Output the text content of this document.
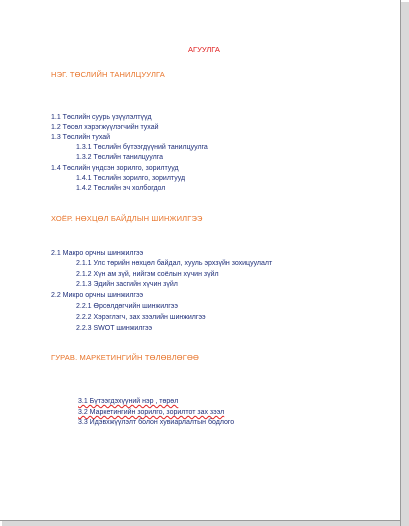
АГУУЛГА
НЭГ. ТӨСЛИЙН ТАНИЛЦУУЛГА
1.1 Төслийн суурь үзүүлэлтүүд
1.2 Төсөл хэрэгжүүлэгчийн тухай
1.3 Төслийн тухай
1.3.1 Төслийн бүтээгдүүний танилцуулга
1.3.2 Төслийн танилцуулга
1.4 Төслийн үндсэн зорилго, зорилтууд
1.4.1 Төслийн зорилго, зорилтууд
1.4.2 Төслийн эч холбогдол
ХОЁР. НӨХЦӨЛ БАЙДЛЫН ШИНЖИЛГЭЭ
2.1 Макро орчны шинжилгээ
2.1.1 Улс төрийн нөхцөл байдал, хууль эрхзүйн зохицуулалт
2.1.2 Хүн ам зүй, нийгэм соёлын хүчин зүйл
2.1.3 Эдийн засгийн хүчин зүйл
2.2 Микро орчны шинжилгээ
2.2.1 Өрсөлдөгчийн шинжилгээ
2.2.2 Хэрэглэгч, зах зээлийн шинжилгээ
2.2.3 SWOT шинжилгээ
ГУРАВ. МАРКЕТИНГИЙН ТӨЛӨВЛӨГӨӨ
3.1 Бүтээгдэхүүний нэр , төрөл
3.2 Маркетингийн зорилго, зорилтот зах зээл
3.3 Идэвхжүүлэлт болон хувиарлалтын бодлого
